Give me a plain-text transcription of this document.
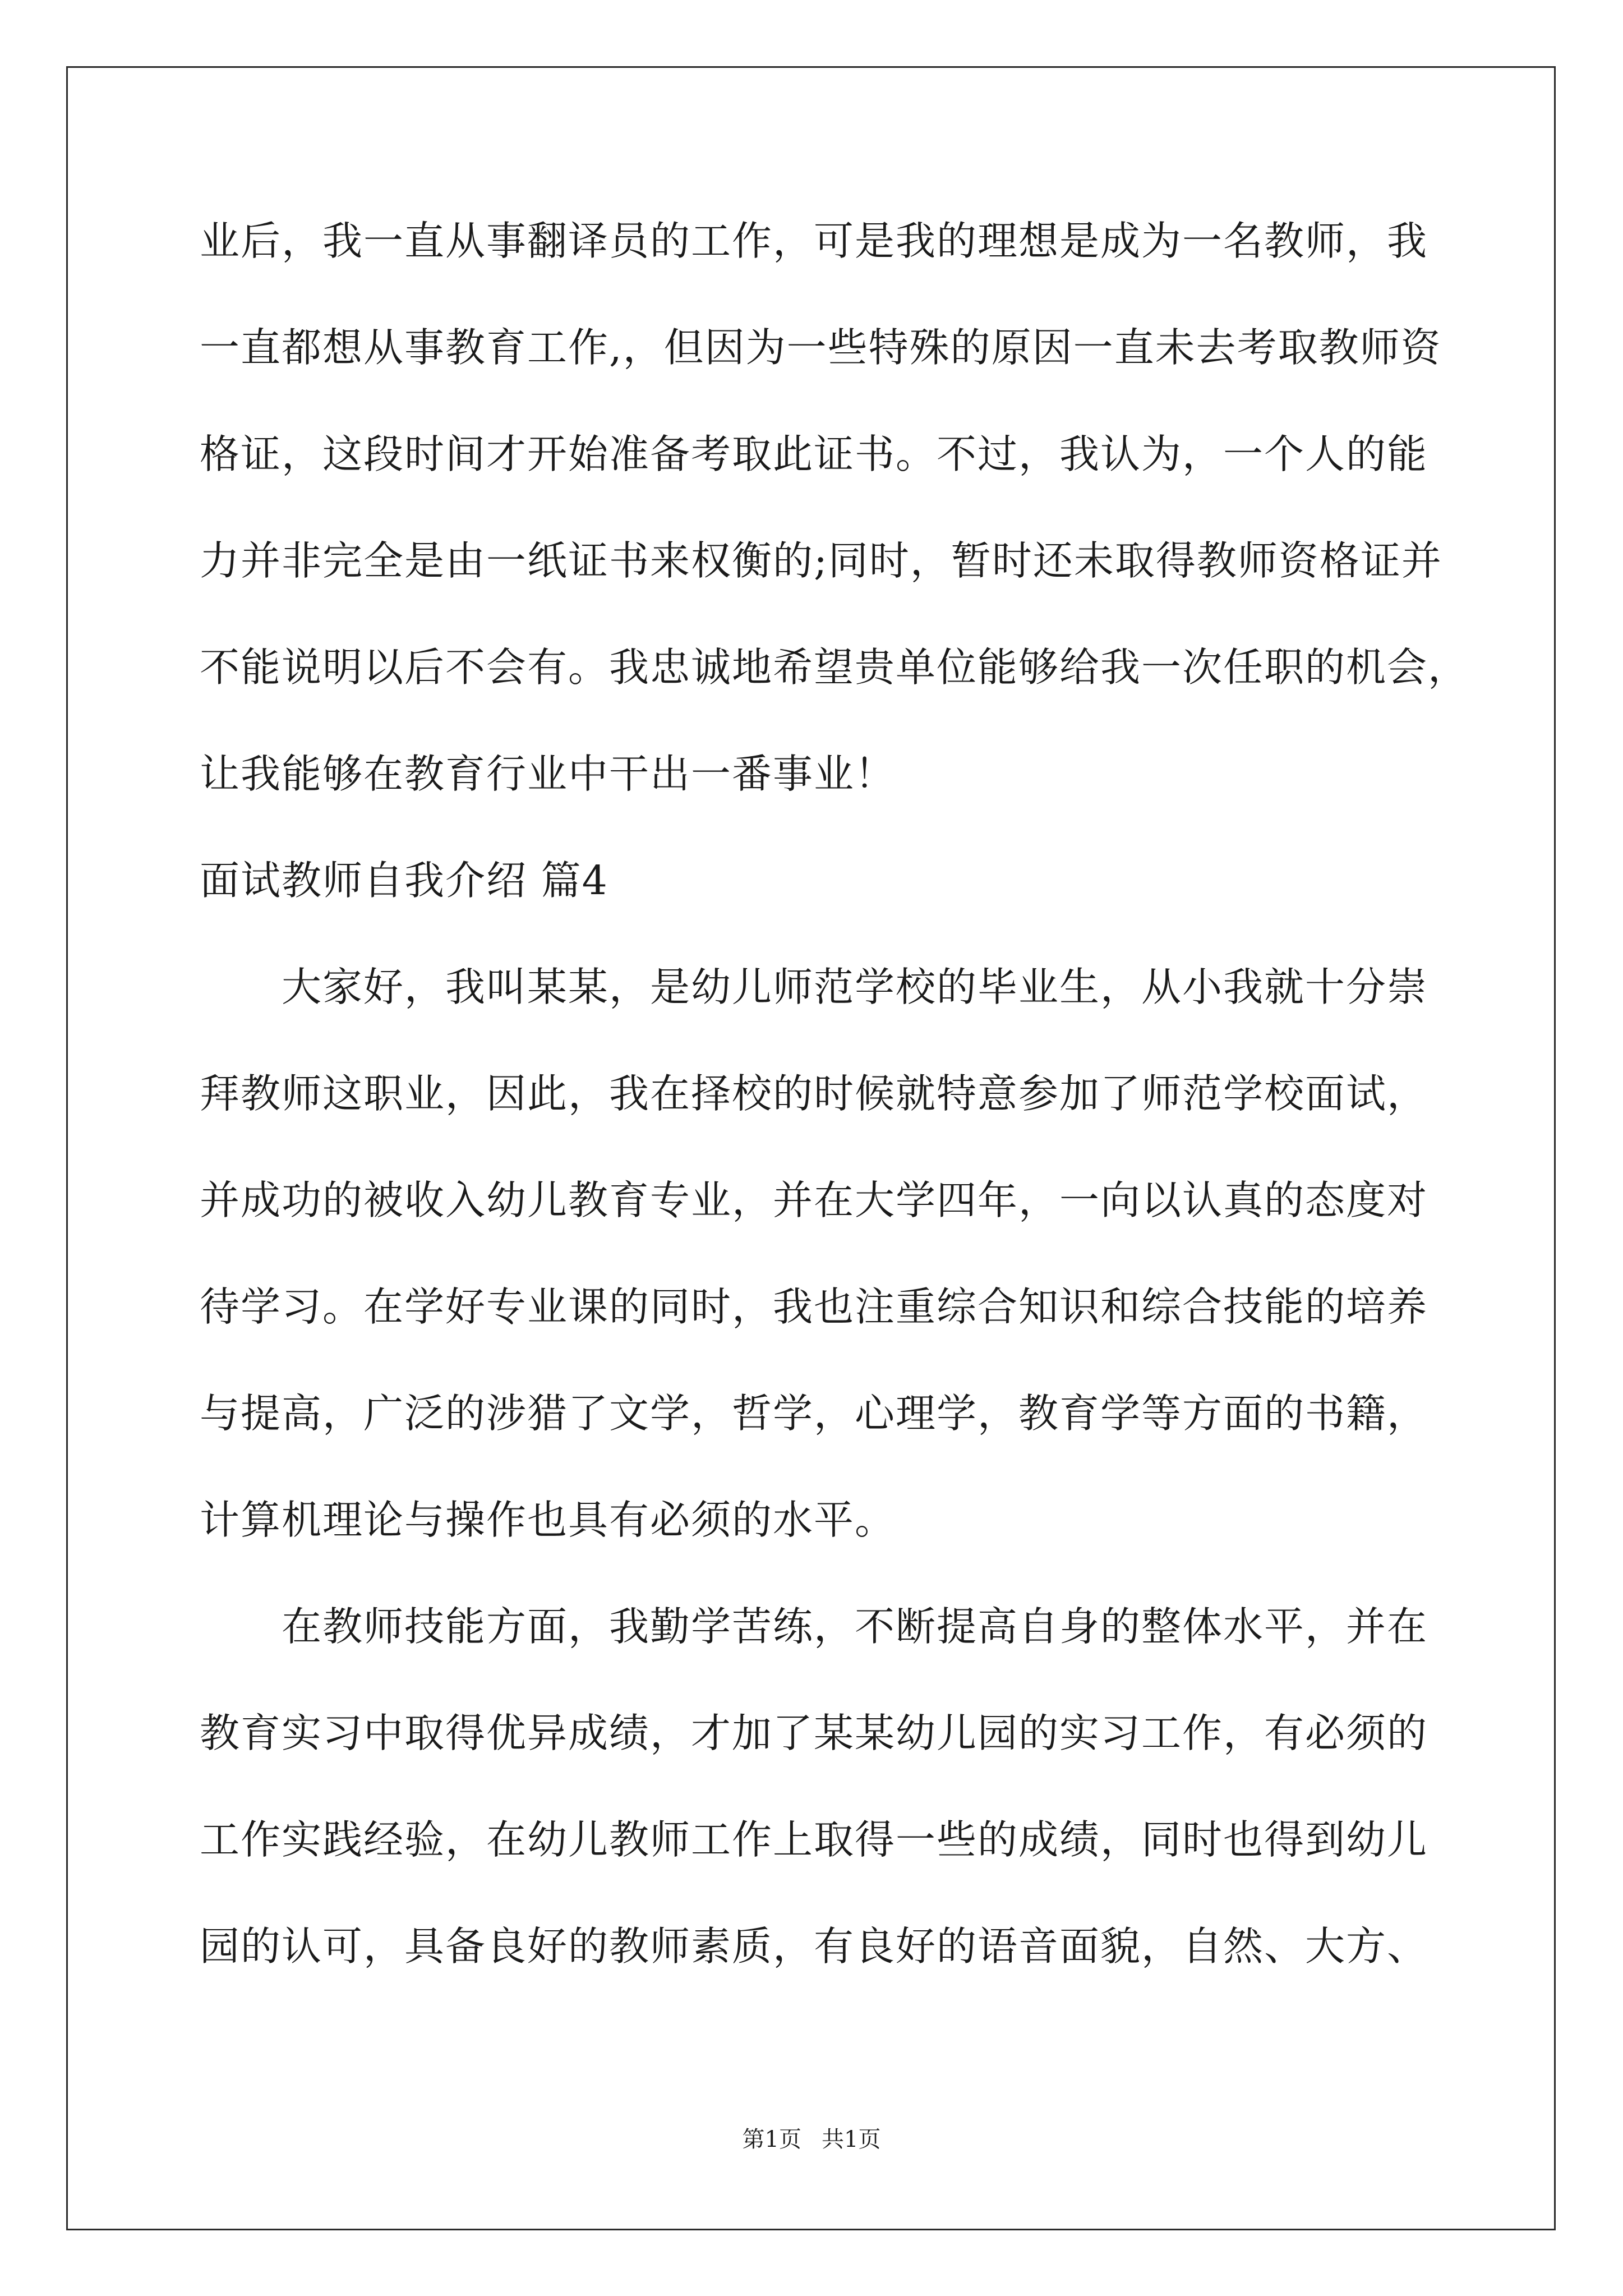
业后，我一直从事翻译员的工作，可是我的理想是成为一名教师，我
一直都想从事教育工作,，但因为一些特殊的原因一直未去考取教师资
格证，这段时间才开始准备考取此证书。不过，我认为，一个人的能
力并非完全是由一纸证书来权衡的;同时，暂时还未取得教师资格证并
不能说明以后不会有。我忠诚地希望贵单位能够给我一次任职的机会，
让我能够在教育行业中干出一番事业！
面试教师自我介绍 篇4
　　大家好，我叫某某，是幼儿师范学校的毕业生，从小我就十分崇
拜教师这职业，因此，我在择校的时候就特意参加了师范学校面试，
并成功的被收入幼儿教育专业，并在大学四年，一向以认真的态度对
待学习。在学好专业课的同时，我也注重综合知识和综合技能的培养
与提高，广泛的涉猎了文学，哲学，心理学，教育学等方面的书籍，
计算机理论与操作也具有必须的水平。
　　在教师技能方面，我勤学苦练，不断提高自身的整体水平，并在
教育实习中取得优异成绩，才加了某某幼儿园的实习工作，有必须的
工作实践经验，在幼儿教师工作上取得一些的成绩，同时也得到幼儿
园的认可，具备良好的教师素质，有良好的语音面貌，自然、大方、
第1页 共1页
